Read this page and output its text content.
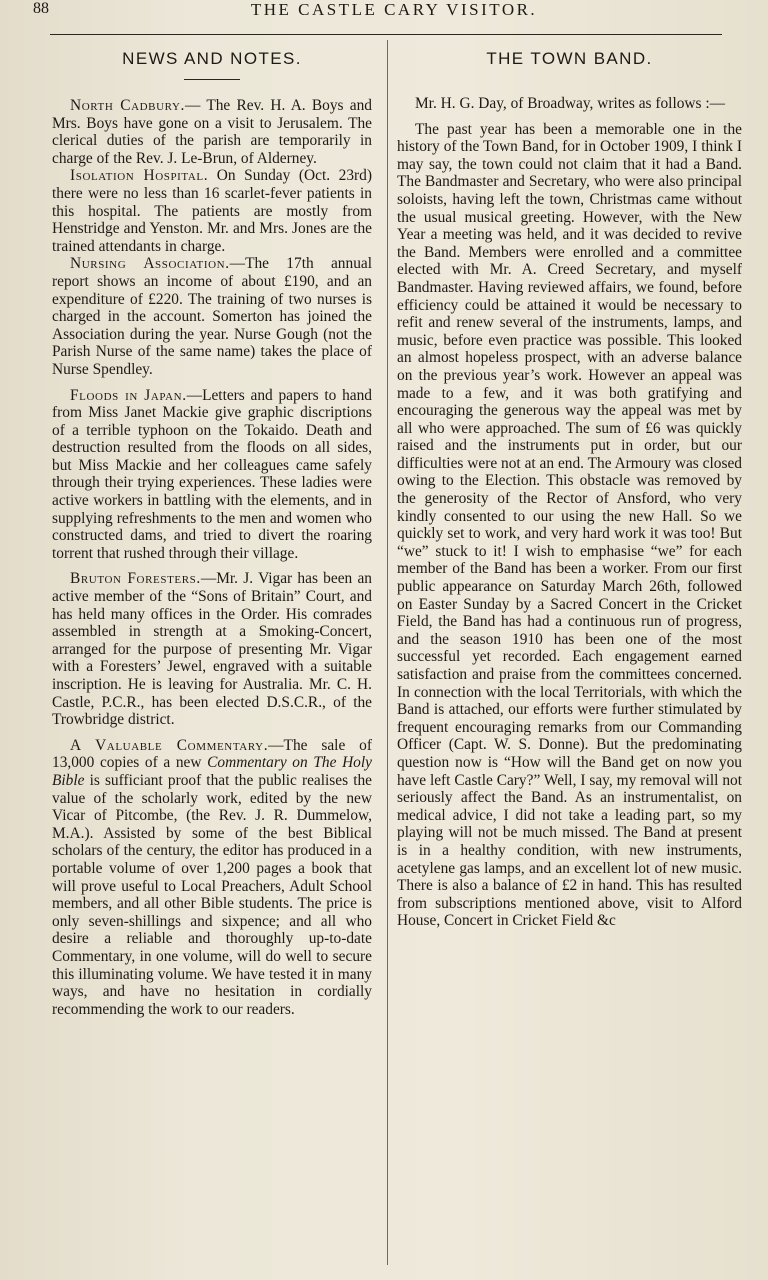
88	THE CASTLE CARY VISITOR.
NEWS AND NOTES.

North Cadbury.— The Rev. H. A. Boys and Mrs. Boys have gone on a visit to Jerusalem. The clerical duties of the parish are temporarily in charge of the Rev. J. Le-Brun, of Alderney.

Isolation Hospital. On Sunday (Oct. 23rd) there were no less than 16 scarlet-fever patients in this hospital. The patients are mostly from Henstridge and Yenston. Mr. and Mrs. Jones are the trained attendants in charge.

Nursing Association.—The 17th annual report shows an income of about £190, and an expenditure of £220. The training of two nurses is charged in the account. Somerton has joined the Association during the year. Nurse Gough (not the Parish Nurse of the same name) takes the place of Nurse Spendley.

Floods in Japan.—Letters and papers to hand from Miss Janet Mackie give graphic discriptions of a terrible typhoon on the Tokaido. Death and destruction resulted from the floods on all sides, but Miss Mackie and her colleagues came safely through their trying experiences. These ladies were active workers in battling with the elements, and in supplying refreshments to the men and women who constructed dams, and tried to divert the roaring torrent that rushed through their village.

Bruton Foresters.—Mr. J. Vigar has been an active member of the “Sons of Britain” Court, and has held many offices in the Order. His comrades assembled in strength at a Smoking-Concert, arranged for the purpose of presenting Mr. Vigar with a Foresters’ Jewel, engraved with a suitable inscription. He is leaving for Australia. Mr. C. H. Castle, P.C.R., has been elected D.S.C.R., of the Trowbridge district.

A Valuable Commentary.—The sale of 13,000 copies of a new Commentary on The Holy Bible is sufficiant proof that the public realises the value of the scholarly work, edited by the new Vicar of Pitcombe, (the Rev. J. R. Dummelow, M.A.). Assisted by some of the best Biblical scholars of the century, the editor has produced in a portable volume of over 1,200 pages a book that will prove useful to Local Preachers, Adult School members, and all other Bible students. The price is only seven-shillings and sixpence; and all who desire a reliable and thoroughly up-to-date Commentary, in one volume, will do well to secure this illuminating volume. We have tested it in many ways, and have no hesitation in cordially recommending the work to our readers.

THE TOWN BAND.

Mr. H. G. Day, of Broadway, writes as follows :—

The past year has been a memorable one in the history of the Town Band, for in October 1909, I think I may say, the town could not claim that it had a Band. The Bandmaster and Secretary, who were also principal soloists, having left the town, Christmas came without the usual musical greeting. However, with the New Year a meeting was held, and it was decided to revive the Band. Members were enrolled and a committee elected with Mr. A. Creed Secretary, and myself Bandmaster. Having reviewed affairs, we found, before efficiency could be attained it would be necessary to refit and renew several of the instruments, lamps, and music, before even practice was possible. This looked an almost hopeless prospect, with an adverse balance on the previous year’s work. However an appeal was made to a few, and it was both gratifying and encouraging the generous way the appeal was met by all who were approached. The sum of £6 was quickly raised and the instruments put in order, but our difficulties were not at an end. The Armoury was closed owing to the Election. This obstacle was removed by the generosity of the Rector of Ansford, who very kindly consented to our using the new Hall. So we quickly set to work, and very hard work it was too! But “we” stuck to it! I wish to emphasise “we” for each member of the Band has been a worker. From our first public appearance on Saturday March 26th, followed on Easter Sunday by a Sacred Concert in the Cricket Field, the Band has had a continuous run of progress, and the season 1910 has been one of the most successful yet recorded. Each engagement earned satisfaction and praise from the committees concerned. In connection with the local Territorials, with which the Band is attached, our efforts were further stimulated by frequent encouraging remarks from our Commanding Officer (Capt. W. S. Donne). But the predominating question now is “How will the Band get on now you have left Castle Cary?” Well, I say, my removal will not seriously affect the Band. As an instrumentalist, on medical advice, I did not take a leading part, so my playing will not be much missed. The Band at present is in a healthy condition, with new instruments, acetylene gas lamps, and an excellent lot of new music. There is also a balance of £2 in hand. This has resulted from subscriptions mentioned above, visit to Alford House, Concert in Cricket Field &c
